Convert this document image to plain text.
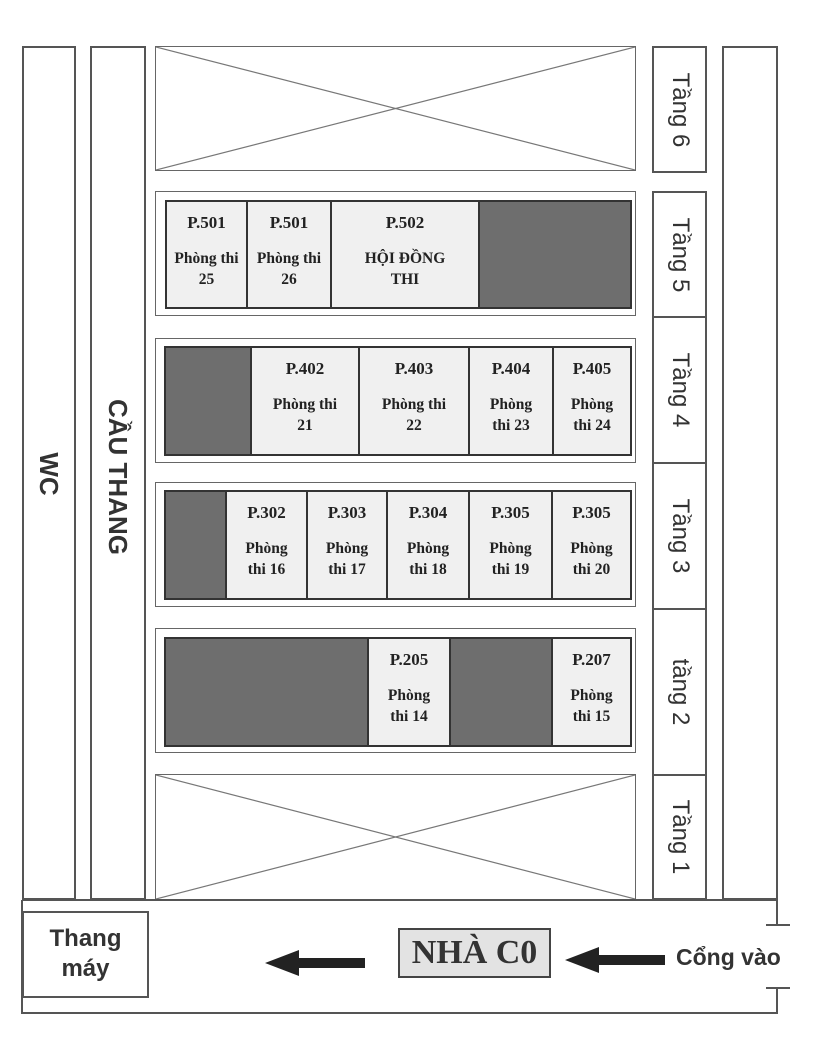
WC CẦU THANG
P.501
Phòng thi 25
P.501
Phòng thi 26
P.502
HỘI ĐỒNG THI
P.402
Phòng thi 21
P.403
Phòng thi 22
P.404
Phòng thi 23
P.405
Phòng thi 24
P.302
Phòng thi 16
P.303
Phòng thi 17
P.304
Phòng thi 18
P.305
Phòng thi 19
P.305
Phòng thi 20
P.205
Phòng thi 14
P.207
Phòng thi 15
Tầng 6
Tầng 5
Tầng 4
Tầng 3
tầng 2
Tầng 1
Thang
máy	NHÀ C0	Cổng vào
